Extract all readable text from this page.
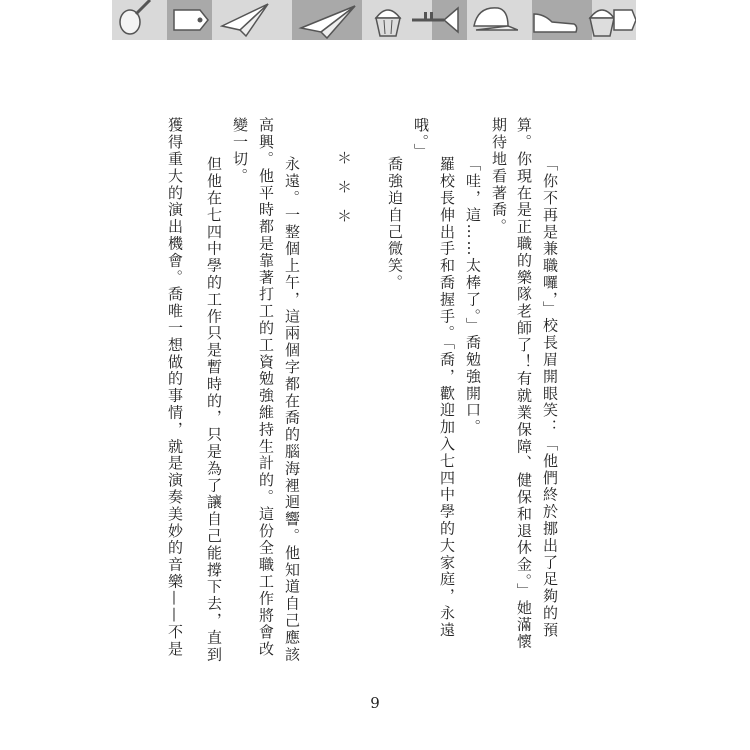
「你不再是兼職囉，」校長眉開眼笑：「他們終於挪出了足夠的預
算。你現在是正職的樂隊老師了！有就業保障、健保和退休金。」她滿懷
期待地看著喬。
「哇，這……太棒了。」喬勉強開口。
羅校長伸出手和喬握手。「喬，歡迎加入七四中學的大家庭，永遠
哦。」
喬強迫自己微笑。
＊＊＊
永遠。一整個上午，這兩個字都在喬的腦海裡迴響。他知道自己應該
高興。他平時都是靠著打工的工資勉強維持生計的。這份全職工作將會改
變一切。
但他在七四中學的工作只是暫時的，只是為了讓自己能撐下去，直到
獲得重大的演出機會。喬唯一想做的事情，就是演奏美妙的音樂——不是
9
